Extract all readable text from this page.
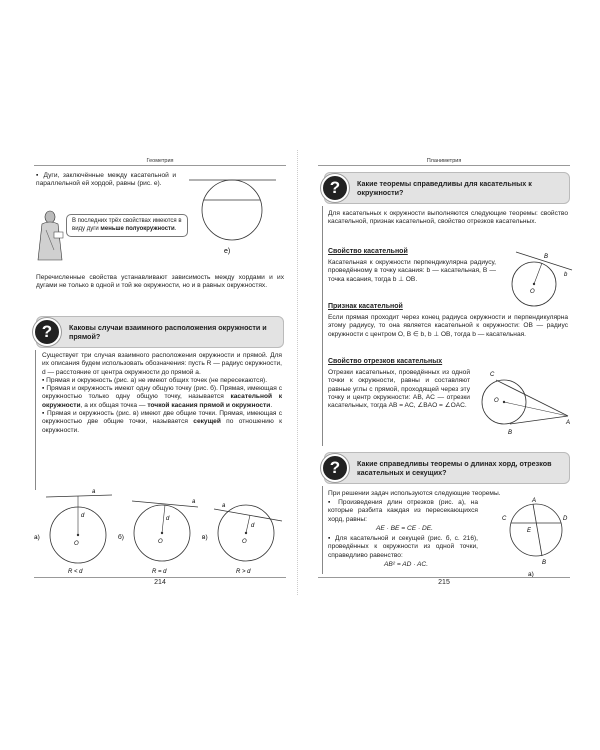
Геометрия
▪ Дуги, заключённые между касательной и параллельной ей хордой, равны (рис. е).
е)
В последних трёх свойствах имеются в виду дуги меньше полуокружности.
Перечисленные свойства устанавливают зависимость между хордами и их дугами не только в одной и той же окружности, но и в равных окружностях.
?	Каковы случаи взаимного расположения окружности и прямой?
Существует три случая взаимного расположения окружности и прямой. Для их описания будем использовать обозначения: пусть R — радиус окружности, d — расстояние от центра окружности до прямой a.
▪ Прямая и окружность (рис. а) не имеют общих точек (не пересекаются).
▪ Прямая и окружность имеют одну общую точку (рис. б). Прямая, имеющая с окружностью только одну общую точку, называется касательной к окружности, а их общая точка — точкой касания прямой и окружности.
▪ Прямая и окружность (рис. в) имеют две общие точки. Прямая, имеющая с окружностью две общие точки, называется секущей по отношению к окружности.
а)
a
d
O
R < d
б)
a
d
O
R = d
в)
a
d
O
R > d
214
Планиметрия
?	Какие теоремы справедливы для касательных к окружности?
Для касательных к окружности выполняются следующие теоремы: свойство касательной, признак касательной, свойство отрезков касательных.
Свойство касательной
Касательная к окружности перпендикулярна радиусу, проведённому в точку касания: b — касательная, B — точка касания, тогда b ⊥ OB.
B
b
O
Признак касательной
Если прямая проходит через конец радиуса окружности и перпендикулярна этому радиусу, то она является касательной к окружности: OB — радиус окружности с центром O, B ∈ b, b ⊥ OB, тогда b — касательная.
Свойство отрезков касательных
Отрезки касательных, проведённых из одной точки к окружности, равны и составляют равные углы с прямой, проходящей через эту точку и центр окружности: AB, AC — отрезки касательных, тогда AB = AC, ∠BAO = ∠OAC.
C
B
O
A
?	Какие справедливы теоремы о длинах хорд, отрезков касательных и секущих?
При решении задач используются следующие теоремы.
▪ Произведения длин отрезков (рис. а), на которые разбита каждая из пересекающихся хорд, равны:
AE · BE = CE · DE.
▪ Для касательной и секущей (рис. б, с. 216), проведённых к окружности из одной точки, справедливо равенство:
AB² = AD · AC.
A
C	D
E
B
а)
215
